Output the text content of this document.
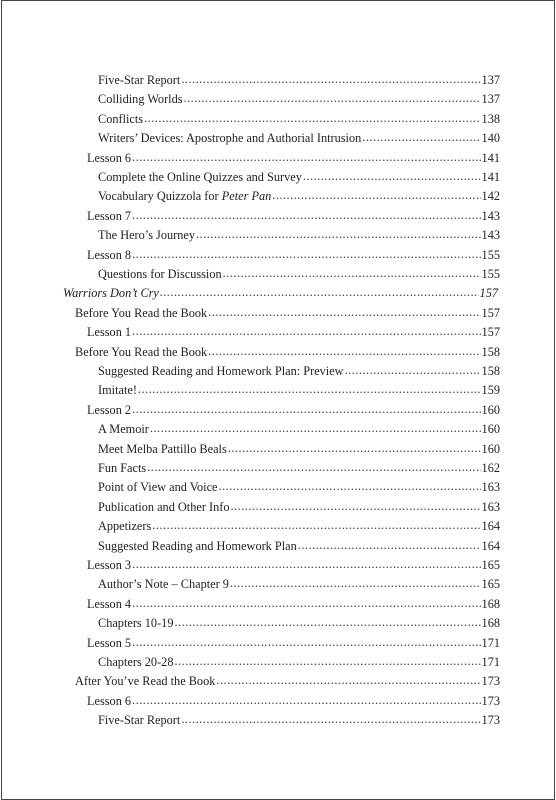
Five-Star Report .....	137
Colliding Worlds .....	137
Conflicts .....	138
Writers’ Devices: Apostrophe and Authorial Intrusion .....	140
Lesson 6 .....	141
Complete the Online Quizzes and Survey .....	141
Vocabulary Quizzola for Peter Pan .....	142
Lesson 7 .....	143
The Hero’s Journey .....	143
Lesson 8 .....	155
Questions for Discussion .....	155
Warriors Don’t Cry .....	157
Before You Read the Book .....	157
Lesson 1 .....	157
Before You Read the Book .....	158
Suggested Reading and Homework Plan: Preview .....	158
Imitate! .....	159
Lesson 2 .....	160
A Memoir .....	160
Meet Melba Pattillo Beals .....	160
Fun Facts .....	162
Point of View and Voice .....	163
Publication and Other Info .....	163
Appetizers .....	164
Suggested Reading and Homework Plan .....	164
Lesson 3 .....	165
Author’s Note – Chapter 9 .....	165
Lesson 4 .....	168
Chapters 10-19 .....	168
Lesson 5 .....	171
Chapters 20-28 .....	171
After You’ve Read the Book .....	173
Lesson 6 .....	173
Five-Star Report .....	173
